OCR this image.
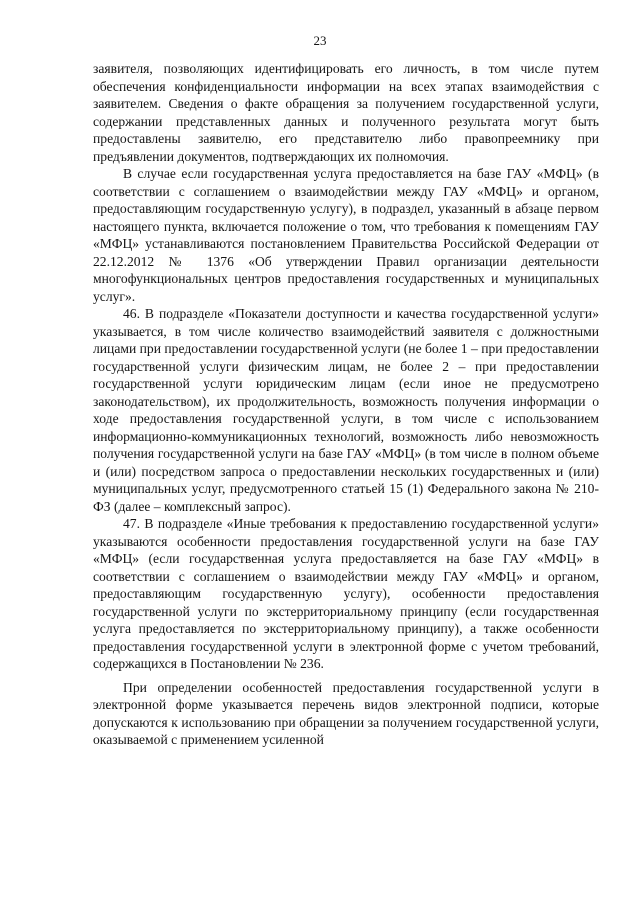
23

заявителя, позволяющих идентифицировать его личность, в том числе путем обеспечения конфиденциальности информации на всех этапах взаимодействия с заявителем. Сведения о факте обращения за получением государственной услуги, содержании представленных данных и полученного результата могут быть предоставлены заявителю, его представителю либо правопреемнику при предъявлении документов, подтверждающих их полномочия.

В случае если государственная услуга предоставляется на базе ГАУ «МФЦ» (в соответствии с соглашением о взаимодействии между ГАУ «МФЦ» и органом, предоставляющим государственную услугу), в подраздел, указанный в абзаце первом настоящего пункта, включается положение о том, что требования к помещениям ГАУ «МФЦ» устанавливаются постановлением Правительства Российской Федерации от 22.12.2012 № 1376 «Об утверждении Правил организации деятельности многофункциональных центров предоставления государственных и муниципальных услуг».

46. В подразделе «Показатели доступности и качества государственной услуги» указывается, в том числе количество взаимодействий заявителя с должностными лицами при предоставлении государственной услуги (не более 1 – при предоставлении государственной услуги физическим лицам, не более 2 – при предоставлении государственной услуги юридическим лицам (если иное не предусмотрено законодательством), их продолжительность, возможность получения информации о ходе предоставления государственной услуги, в том числе с использованием информационно-коммуникационных технологий, возможность либо невозможность получения государственной услуги на базе ГАУ «МФЦ» (в том числе в полном объеме и (или) посредством запроса о предоставлении нескольких государственных и (или) муниципальных услуг, предусмотренного статьей 15 (1) Федерального закона № 210-ФЗ (далее – комплексный запрос).

47. В подразделе «Иные требования к предоставлению государственной услуги» указываются особенности предоставления государственной услуги на базе ГАУ «МФЦ» (если государственная услуга предоставляется на базе ГАУ «МФЦ» в соответствии с соглашением о взаимодействии между ГАУ «МФЦ» и органом, предоставляющим государственную услугу), особенности предоставления государственной услуги по экстерриториальному принципу (если государственная услуга предоставляется по экстерриториальному принципу), а также особенности предоставления государственной услуги в электронной форме с учетом требований, содержащихся в Постановлении № 236.

При определении особенностей предоставления государственной услуги в электронной форме указывается перечень видов электронной подписи, которые допускаются к использованию при обращении за получением государственной услуги, оказываемой с применением усиленной
